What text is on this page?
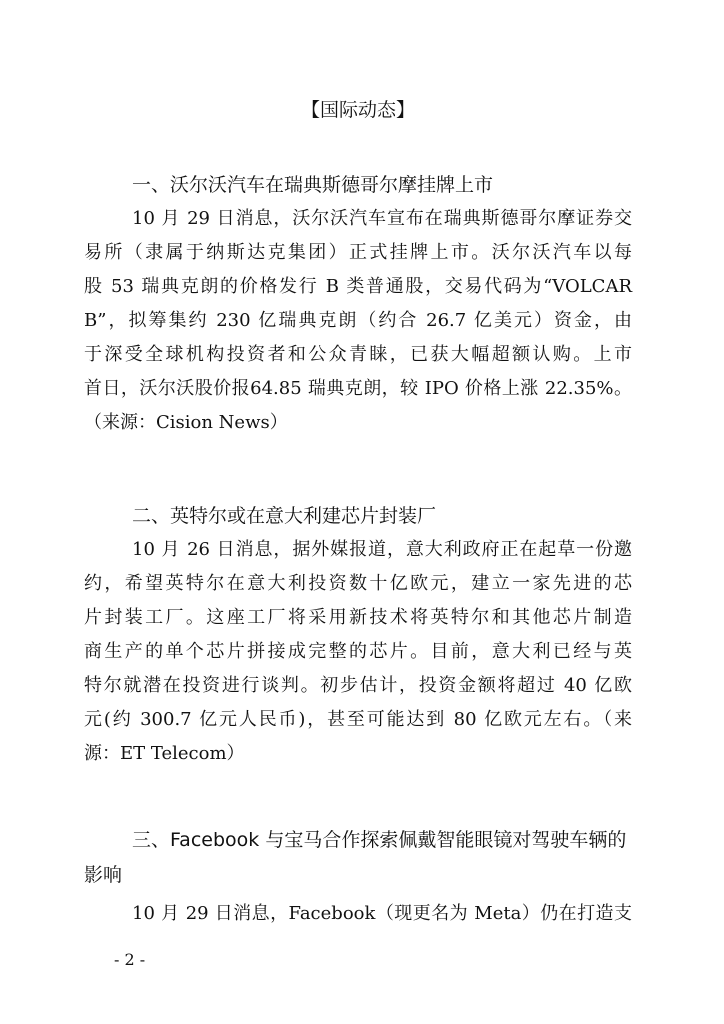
【国际动态】
一、沃尔沃汽车在瑞典斯德哥尔摩挂牌上市
10 月 29 日消息，沃尔沃汽车宣布在瑞典斯德哥尔摩证券交
易所（隶属于纳斯达克集团）正式挂牌上市。沃尔沃汽车以每
股 53 瑞典克朗的价格发行 B 类普通股，交易代码为“VOLCAR
B”，拟筹集约 230 亿瑞典克朗（约合 26.7 亿美元）资金，由
于深受全球机构投资者和公众青睐，已获大幅超额认购。上市
首日，沃尔沃股价报64.85 瑞典克朗，较 IPO 价格上涨 22.35%。
（来源：Cision News）
二、英特尔或在意大利建芯片封装厂
10 月 26 日消息，据外媒报道，意大利政府正在起草一份邀
约，希望英特尔在意大利投资数十亿欧元，建立一家先进的芯
片封装工厂。这座工厂将采用新技术将英特尔和其他芯片制造
商生产的单个芯片拼接成完整的芯片。目前，意大利已经与英
特尔就潜在投资进行谈判。初步估计，投资金额将超过 40 亿欧
元(约 300.7 亿元人民币)，甚至可能达到 80 亿欧元左右。（来
源：ET Telecom）
三、Facebook 与宝马合作探索佩戴智能眼镜对驾驶车辆的
影响
10 月 29 日消息，Facebook（现更名为 Meta）仍在打造支
- 2 -
